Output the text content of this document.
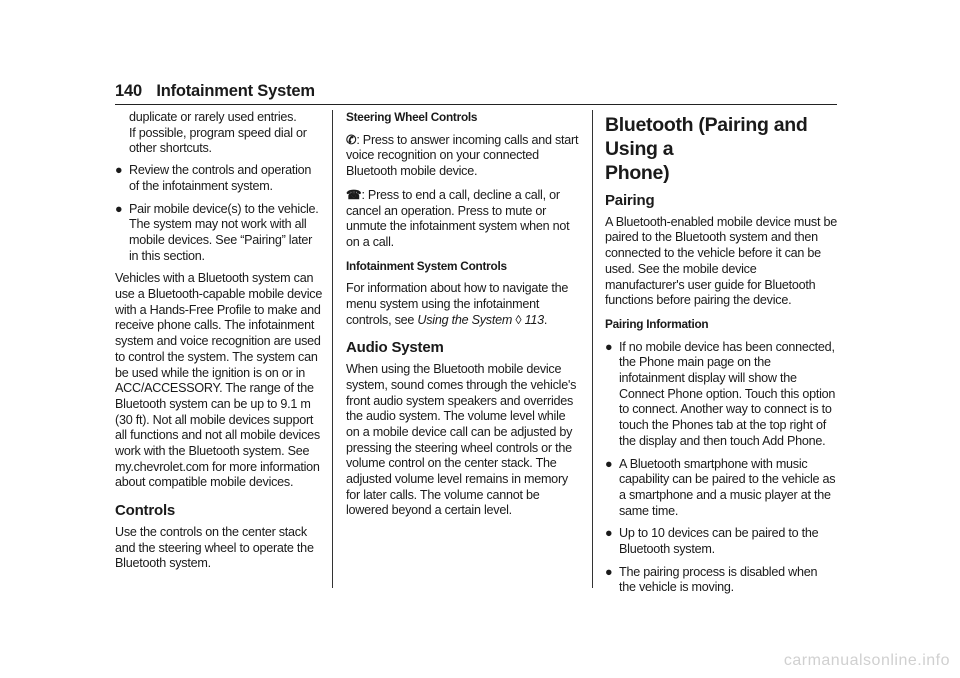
140 Infotainment System
duplicate or rarely used entries.
If possible, program speed dial or other shortcuts.
● Review the controls and operation of the infotainment system.
● Pair mobile device(s) to the vehicle. The system may not work with all mobile devices. See “Pairing” later in this section.

Vehicles with a Bluetooth system can use a Bluetooth-capable mobile device with a Hands-Free Profile to make and receive phone calls. The infotainment system and voice recognition are used to control the system. The system can be used while the ignition is on or in ACC/ACCESSORY. The range of the Bluetooth system can be up to 9.1 m (30 ft). Not all mobile devices support all functions and not all mobile devices work with the Bluetooth system. See my.chevrolet.com for more information about compatible mobile devices.

Controls

Use the controls on the center stack and the steering wheel to operate the Bluetooth system.

Steering Wheel Controls

✆: Press to answer incoming calls and start voice recognition on your connected Bluetooth mobile device.

☎: Press to end a call, decline a call, or cancel an operation. Press to mute or unmute the infotainment system when not on a call.

Infotainment System Controls

For information about how to navigate the menu system using the infotainment controls, see Using the System ◊ 113.

Audio System

When using the Bluetooth mobile device system, sound comes through the vehicle's front audio system speakers and overrides the audio system. The volume level while on a mobile device call can be adjusted by pressing the steering wheel controls or the volume control on the center stack. The adjusted volume level remains in memory for later calls. The volume cannot be lowered beyond a certain level.

Bluetooth (Pairing and Using a
Phone)
Pairing

A Bluetooth-enabled mobile device must be paired to the Bluetooth system and then connected to the vehicle before it can be used. See the mobile device manufacturer's user guide for Bluetooth functions before pairing the device.

Pairing Information
● If no mobile device has been connected, the Phone main page on the infotainment display will show the Connect Phone option. Touch this option to connect. Another way to connect is to touch the Phones tab at the top right of the display and then touch Add Phone.
● A Bluetooth smartphone with music capability can be paired to the vehicle as a smartphone and a music player at the same time.
● Up to 10 devices can be paired to the Bluetooth system.
● The pairing process is disabled when the vehicle is moving.
carmanualsonline.info
